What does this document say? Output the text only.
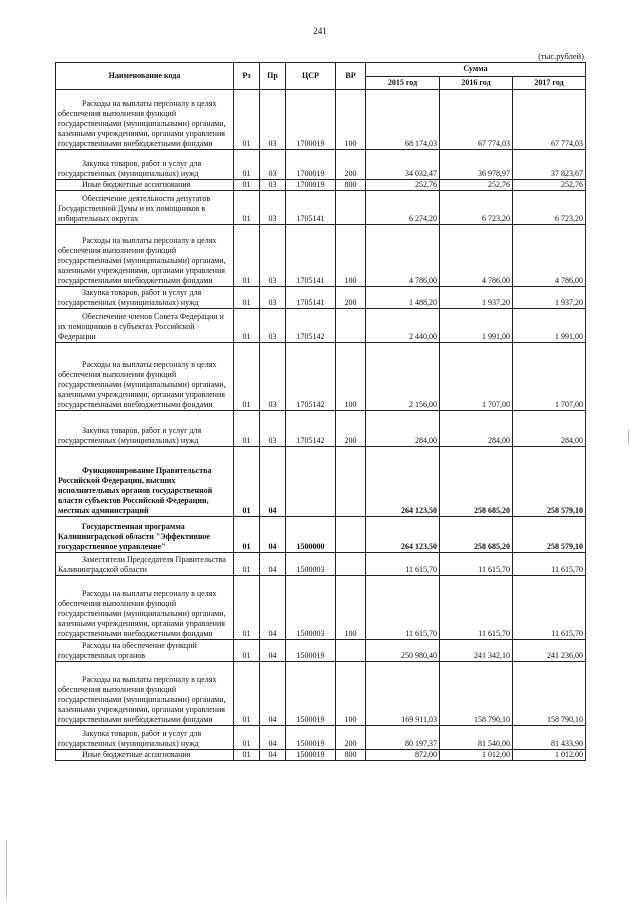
241
(тыс.рублей)
Наименование кода	Рз	Пр	ЦСР	ВР	Сумма		
					2015 год	2016 год	2017 год

Расходы на выплаты персоналу в целях обеспечения выполнения функций государственными (муниципальными) органами, казенными учреждениями, органами управления государственными внебюджетными фондами	01	03	1700019	100	68 174,03	67 774,03	67 774,03

Закупка товаров, работ и услуг для государственных (муниципальных) нужд	01	03	1700019	200	34 032,47	36 978,97	37 823,67

Иные бюджетные ассигнования	01	03	1700019	800	252,76	252,76	252,76

Обеспечение деятельности депутатов Государственной Думы и их помощников в избирательных округах	01	03	1705141		6 274,20	6 723,20	6 723,20

Расходы на выплаты персоналу в целях обеспечения выполнения функций государственными (муниципальными) органами, казенными учреждениями, органами управления государственными внебюджетными фондами	01	03	1705141	100	4 786,00	4 786,00	4 786,00

Закупка товаров, работ и услуг для государственных (муниципальных) нужд	01	03	1705141	200	1 488,20	1 937,20	1 937,20

Обеспечение членов Совета Федерации и их помощников в субъектах Российской Федерации	01	03	1705142		2 440,00	1 991,00	1 991,00

Расходы на выплаты персоналу в целях обеспечения выполнения функций государственными (муниципальными) органами, казенными учреждениями, органами управления государственными внебюджетными фондами	01	03	1705142	100	2 156,00	1 707,00	1 707,00

Закупка товаров, работ и услуг для государственных (муниципальных) нужд	01	03	1705142	200	284,00	284,00	284,00

Функционирование Правительства Российской Федерации, высших исполнительных органов государственной власти субъектов Российской Федерации, местных администраций	01	04			264 123,50	258 685,20	258 579,10

Государственная программа Калининградской области "Эффективное государственное управление"	01	04	1500000		264 123,50	258 685,20	258 579,10

Заместители Председателя Правительства Калининградской области	01	04	1500003		11 615,70	11 615,70	11 615,70

Расходы на выплаты персоналу в целях обеспечения выполнения функций государственными (муниципальными) органами, казенными учреждениями, органами управления государственными внебюджетными фондами	01	04	1500003	100	11 615,70	11 615,70	11 615,70

Расходы на обеспечение функций государственных органов	01	04	1500019		250 980,40	241 342,10	241 236,00

Расходы на выплаты персоналу в целях обеспечения выполнения функций государственными (муниципальными) органами, казенными учреждениями, органами управления государственными внебюджетными фондами	01	04	1500019	100	169 911,03	158 790,10	158 790,10

Закупка товаров, работ и услуг для государственных (муниципальных) нужд	01	04	1500019	200	80 197,37	81 540,00	81 433,90

Иные бюджетные ассигнования	01	04	1500019	800	872,00	1 012,00	1 012,00
